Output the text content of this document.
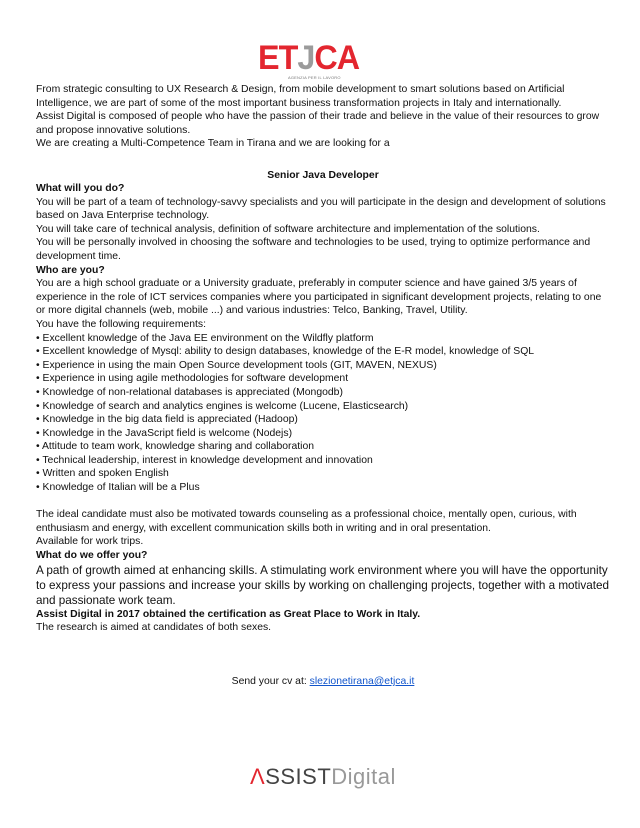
ETJCA
AGENZIA PER IL LAVORO

From strategic consulting to UX Research & Design, from mobile development to smart solutions based on Artificial Intelligence, we are part of some of the most important business transformation projects in Italy and internationally.

Assist Digital is composed of people who have the passion of their trade and believe in the value of their resources to grow and propose innovative solutions.

We are creating a Multi-Competence Team in Tirana and we are looking for a

Senior Java Developer

What will you do?

You will be part of a team of technology-savvy specialists and you will participate in the design and development of solutions based on Java Enterprise technology.

You will take care of technical analysis, definition of software architecture and implementation of the solutions.

You will be personally involved in choosing the software and technologies to be used, trying to optimize performance and development time.

Who are you?

You are a high school graduate or a University graduate, preferably in computer science and have gained 3/5 years of experience in the role of ICT services companies where you participated in significant development projects, relating to one or more digital channels (web, mobile ...) and various industries: Telco, Banking, Travel, Utility.

You have the following requirements:

• Excellent knowledge of the Java EE environment on the Wildfly platform
• Excellent knowledge of Mysql: ability to design databases, knowledge of the E-R model, knowledge of SQL
• Experience in using the main Open Source development tools (GIT, MAVEN, NEXUS)
• Experience in using agile methodologies for software development
• Knowledge of non-relational databases is appreciated (Mongodb)
• Knowledge of search and analytics engines is welcome (Lucene, Elasticsearch)
• Knowledge in the big data field is appreciated (Hadoop)
• Knowledge in the JavaScript field is welcome (Nodejs)
• Attitude to team work, knowledge sharing and collaboration
• Technical leadership, interest in knowledge development and innovation
• Written and spoken English
• Knowledge of Italian will be a Plus

The ideal candidate must also be motivated towards counseling as a professional choice, mentally open, curious, with enthusiasm and energy, with excellent communication skills both in writing and in oral presentation.

Available for work trips.

What do we offer you?

A path of growth aimed at enhancing skills. A stimulating work environment where you will have the opportunity to express your passions and increase your skills by working on challenging projects, together with a motivated and passionate work team.

Assist Digital in 2017 obtained the certification as Great Place to Work in Italy.

The research is aimed at candidates of both sexes.

Send your cv at: slezionetirana@etjca.it
ΛSSISTDigital
